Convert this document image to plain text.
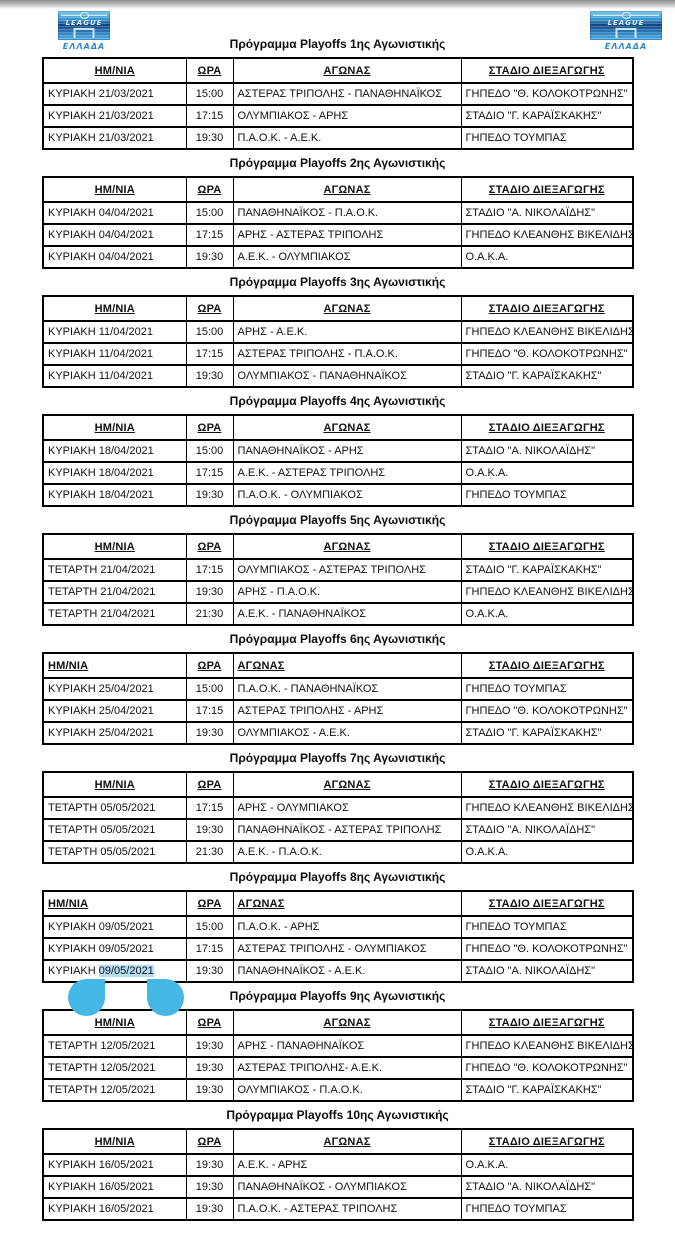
LEAGUE
ΕΛΛΑΔΑ
LEAGUE
ΕΛΛΑΔΑ
Πρόγραμμα Playoffs 1ης Αγωνιστικής
ΗΜ/ΝΙΑ	ΩΡΑ	ΑΓΩΝΑΣ	ΣΤΑΔΙΟ ΔΙΕΞΑΓΩΓΗΣ
ΚΥΡΙΑΚΗ 21/03/2021	15:00	ΑΣΤΕΡΑΣ ΤΡΙΠΟΛΗΣ - ΠΑΝΑΘΗΝΑΪΚΟΣ	ΓΗΠΕΔΟ "Θ. ΚΟΛΟΚΟΤΡΩΝΗΣ"
ΚΥΡΙΑΚΗ 21/03/2021	17:15	ΟΛΥΜΠΙΑΚΟΣ - ΑΡΗΣ	ΣΤΑΔΙΟ "Γ. ΚΑΡΑΪΣΚΑΚΗΣ"
ΚΥΡΙΑΚΗ 21/03/2021	19:30	Π.Α.Ο.Κ. - Α.Ε.Κ.	ΓΗΠΕΔΟ ΤΟΥΜΠΑΣ
Πρόγραμμα Playoffs 2ης Αγωνιστικής
ΗΜ/ΝΙΑ	ΩΡΑ	ΑΓΩΝΑΣ	ΣΤΑΔΙΟ ΔΙΕΞΑΓΩΓΗΣ
ΚΥΡΙΑΚΗ 04/04/2021	15:00	ΠΑΝΑΘΗΝΑΪΚΟΣ - Π.Α.Ο.Κ.	ΣΤΑΔΙΟ "Α. ΝΙΚΟΛΑΪΔΗΣ"
ΚΥΡΙΑΚΗ 04/04/2021	17:15	ΑΡΗΣ - ΑΣΤΕΡΑΣ ΤΡΙΠΟΛΗΣ	ΓΗΠΕΔΟ ΚΛΕΑΝΘΗΣ ΒΙΚΕΛΙΔΗΣ
ΚΥΡΙΑΚΗ 04/04/2021	19:30	Α.Ε.Κ. - ΟΛΥΜΠΙΑΚΟΣ	Ο.Α.Κ.Α.
Πρόγραμμα Playoffs 3ης Αγωνιστικής
ΗΜ/ΝΙΑ	ΩΡΑ	ΑΓΩΝΑΣ	ΣΤΑΔΙΟ ΔΙΕΞΑΓΩΓΗΣ
ΚΥΡΙΑΚΗ 11/04/2021	15:00	ΑΡΗΣ - Α.Ε.Κ.	ΓΗΠΕΔΟ ΚΛΕΑΝΘΗΣ ΒΙΚΕΛΙΔΗΣ
ΚΥΡΙΑΚΗ 11/04/2021	17:15	ΑΣΤΕΡΑΣ ΤΡΙΠΟΛΗΣ - Π.Α.Ο.Κ.	ΓΗΠΕΔΟ "Θ. ΚΟΛΟΚΟΤΡΩΝΗΣ"
ΚΥΡΙΑΚΗ 11/04/2021	19:30	ΟΛΥΜΠΙΑΚΟΣ - ΠΑΝΑΘΗΝΑΪΚΟΣ	ΣΤΑΔΙΟ "Γ. ΚΑΡΑΪΣΚΑΚΗΣ"
Πρόγραμμα Playoffs 4ης Αγωνιστικής
ΗΜ/ΝΙΑ	ΩΡΑ	ΑΓΩΝΑΣ	ΣΤΑΔΙΟ ΔΙΕΞΑΓΩΓΗΣ
ΚΥΡΙΑΚΗ 18/04/2021	15:00	ΠΑΝΑΘΗΝΑΪΚΟΣ - ΑΡΗΣ	ΣΤΑΔΙΟ "Α. ΝΙΚΟΛΑΪΔΗΣ"
ΚΥΡΙΑΚΗ 18/04/2021	17:15	Α.Ε.Κ. - ΑΣΤΕΡΑΣ ΤΡΙΠΟΛΗΣ	Ο.Α.Κ.Α.
ΚΥΡΙΑΚΗ 18/04/2021	19:30	Π.Α.Ο.Κ. - ΟΛΥΜΠΙΑΚΟΣ	ΓΗΠΕΔΟ ΤΟΥΜΠΑΣ
Πρόγραμμα Playoffs 5ης Αγωνιστικής
ΗΜ/ΝΙΑ	ΩΡΑ	ΑΓΩΝΑΣ	ΣΤΑΔΙΟ ΔΙΕΞΑΓΩΓΗΣ
ΤΕΤΑΡΤΗ 21/04/2021	17:15	ΟΛΥΜΠΙΑΚΟΣ - ΑΣΤΕΡΑΣ ΤΡΙΠΟΛΗΣ	ΣΤΑΔΙΟ "Γ. ΚΑΡΑΪΣΚΑΚΗΣ"
ΤΕΤΑΡΤΗ 21/04/2021	19:30	ΑΡΗΣ - Π.Α.Ο.Κ.	ΓΗΠΕΔΟ ΚΛΕΑΝΘΗΣ ΒΙΚΕΛΙΔΗΣ
ΤΕΤΑΡΤΗ 21/04/2021	21:30	Α.Ε.Κ. - ΠΑΝΑΘΗΝΑΪΚΟΣ	Ο.Α.Κ.Α.
Πρόγραμμα Playoffs 6ης Αγωνιστικής
ΗΜ/ΝΙΑ	ΩΡΑ	ΑΓΩΝΑΣ	ΣΤΑΔΙΟ ΔΙΕΞΑΓΩΓΗΣ
ΚΥΡΙΑΚΗ 25/04/2021	15:00	Π.Α.Ο.Κ. - ΠΑΝΑΘΗΝΑΪΚΟΣ	ΓΗΠΕΔΟ ΤΟΥΜΠΑΣ
ΚΥΡΙΑΚΗ 25/04/2021	17:15	ΑΣΤΕΡΑΣ ΤΡΙΠΟΛΗΣ - ΑΡΗΣ	ΓΗΠΕΔΟ "Θ. ΚΟΛΟΚΟΤΡΩΝΗΣ"
ΚΥΡΙΑΚΗ 25/04/2021	19:30	ΟΛΥΜΠΙΑΚΟΣ - Α.Ε.Κ.	ΣΤΑΔΙΟ "Γ. ΚΑΡΑΪΣΚΑΚΗΣ"
Πρόγραμμα Playoffs 7ης Αγωνιστικής
ΗΜ/ΝΙΑ	ΩΡΑ	ΑΓΩΝΑΣ	ΣΤΑΔΙΟ ΔΙΕΞΑΓΩΓΗΣ
ΤΕΤΑΡΤΗ 05/05/2021	17:15	ΑΡΗΣ - ΟΛΥΜΠΙΑΚΟΣ	ΓΗΠΕΔΟ ΚΛΕΑΝΘΗΣ ΒΙΚΕΛΙΔΗΣ
ΤΕΤΑΡΤΗ 05/05/2021	19:30	ΠΑΝΑΘΗΝΑΪΚΟΣ - ΑΣΤΕΡΑΣ ΤΡΙΠΟΛΗΣ	ΣΤΑΔΙΟ "Α. ΝΙΚΟΛΑΪΔΗΣ"
ΤΕΤΑΡΤΗ 05/05/2021	21:30	Α.Ε.Κ. - Π.Α.Ο.Κ.	Ο.Α.Κ.Α.
Πρόγραμμα Playoffs 8ης Αγωνιστικής
ΗΜ/ΝΙΑ	ΩΡΑ	ΑΓΩΝΑΣ	ΣΤΑΔΙΟ ΔΙΕΞΑΓΩΓΗΣ
ΚΥΡΙΑΚΗ 09/05/2021	15:00	Π.Α.Ο.Κ. - ΑΡΗΣ	ΓΗΠΕΔΟ ΤΟΥΜΠΑΣ
ΚΥΡΙΑΚΗ 09/05/2021	17:15	ΑΣΤΕΡΑΣ ΤΡΙΠΟΛΗΣ - ΟΛΥΜΠΙΑΚΟΣ	ΓΗΠΕΔΟ "Θ. ΚΟΛΟΚΟΤΡΩΝΗΣ"
ΚΥΡΙΑΚΗ 09/05/2021	19:30	ΠΑΝΑΘΗΝΑΪΚΟΣ - Α.Ε.Κ.	ΣΤΑΔΙΟ "Α. ΝΙΚΟΛΑΪΔΗΣ"
Πρόγραμμα Playoffs 9ης Αγωνιστικής
ΗΜ/ΝΙΑ	ΩΡΑ	ΑΓΩΝΑΣ	ΣΤΑΔΙΟ ΔΙΕΞΑΓΩΓΗΣ
ΤΕΤΑΡΤΗ 12/05/2021	19:30	ΑΡΗΣ - ΠΑΝΑΘΗΝΑΪΚΟΣ	ΓΗΠΕΔΟ ΚΛΕΑΝΘΗΣ ΒΙΚΕΛΙΔΗΣ
ΤΕΤΑΡΤΗ 12/05/2021	19:30	ΑΣΤΕΡΑΣ ΤΡΙΠΟΛΗΣ- Α.Ε.Κ.	ΓΗΠΕΔΟ "Θ. ΚΟΛΟΚΟΤΡΩΝΗΣ"
ΤΕΤΑΡΤΗ 12/05/2021	19:30	ΟΛΥΜΠΙΑΚΟΣ - Π.Α.Ο.Κ.	ΣΤΑΔΙΟ "Γ. ΚΑΡΑΪΣΚΑΚΗΣ"
Πρόγραμμα Playoffs 10ης Αγωνιστικής
ΗΜ/ΝΙΑ	ΩΡΑ	ΑΓΩΝΑΣ	ΣΤΑΔΙΟ ΔΙΕΞΑΓΩΓΗΣ
ΚΥΡΙΑΚΗ 16/05/2021	19:30	Α.Ε.Κ. - ΑΡΗΣ	Ο.Α.Κ.Α.
ΚΥΡΙΑΚΗ 16/05/2021	19:30	ΠΑΝΑΘΗΝΑΪΚΟΣ - ΟΛΥΜΠΙΑΚΟΣ	ΣΤΑΔΙΟ "Α. ΝΙΚΟΛΑΪΔΗΣ"
ΚΥΡΙΑΚΗ 16/05/2021	19:30	Π.Α.Ο.Κ. - ΑΣΤΕΡΑΣ ΤΡΙΠΟΛΗΣ	ΓΗΠΕΔΟ ΤΟΥΜΠΑΣ
